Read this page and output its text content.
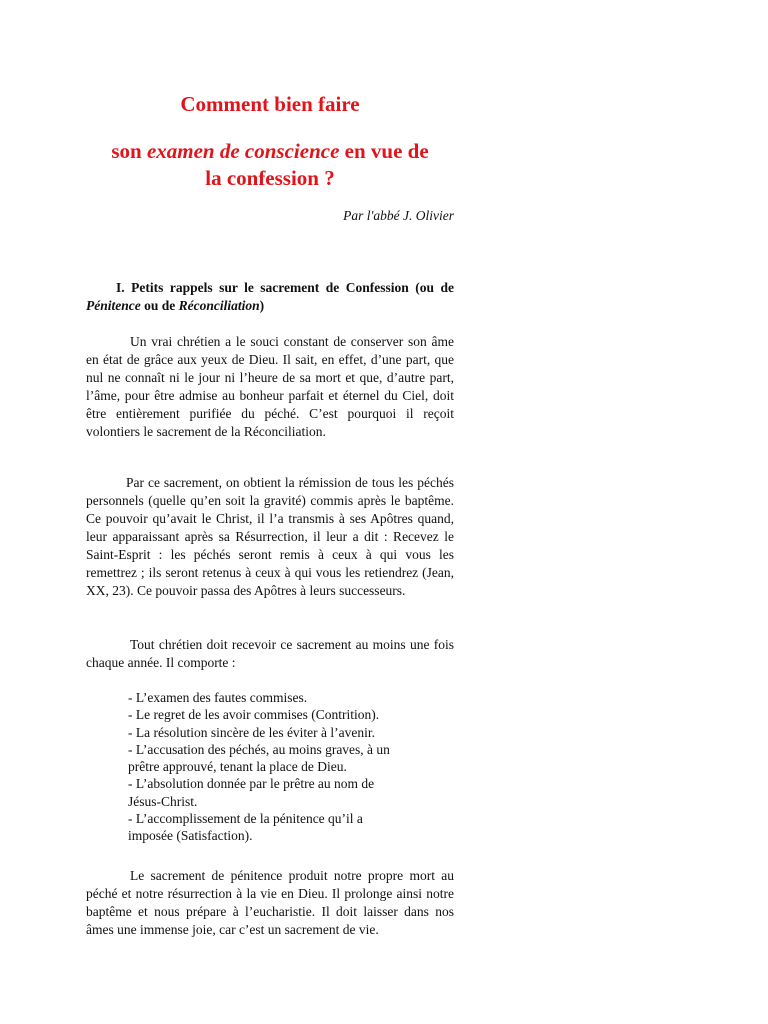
Comment bien faire
son examen de conscience en vue de
la confession ?
Par l'abbé J. Olivier
I. Petits rappels sur le sacrement de Confession (ou de Pénitence ou de Réconciliation)

Un vrai chrétien a le souci constant de conserver son âme en état de grâce aux yeux de Dieu. Il sait, en effet, d’une part, que nul ne connaît ni le jour ni l’heure de sa mort et que, d’autre part, l’âme, pour être admise au bonheur parfait et éternel du Ciel, doit être entièrement purifiée du péché. C’est pourquoi il reçoit volontiers le sacrement de la Réconciliation.

Par ce sacrement, on obtient la rémission de tous les péchés personnels (quelle qu’en soit la gravité) commis après le baptême. Ce pouvoir qu’avait le Christ, il l’a transmis à ses Apôtres quand, leur apparaissant après sa Résurrection, il leur a dit : Recevez le Saint-Esprit : les péchés seront remis à ceux à qui vous les remettrez ; ils seront retenus à ceux à qui vous les retiendrez (Jean, XX, 23). Ce pouvoir passa des Apôtres à leurs successeurs.

Tout chrétien doit recevoir ce sacrement au moins une fois chaque année. Il comporte :

- L’examen des fautes commises.
- Le regret de les avoir commises (Contrition).
- La résolution sincère de les éviter à l’avenir.
- L’accusation des péchés, au moins graves, à un
prêtre approuvé, tenant la place de Dieu.
- L’absolution donnée par le prêtre au nom de
Jésus-Christ.
- L’accomplissement de la pénitence qu’il a
imposée (Satisfaction).

Le sacrement de pénitence produit notre propre mort au péché et notre résurrection à la vie en Dieu. Il prolonge ainsi notre baptême et nous prépare à l’eucharistie. Il doit laisser dans nos âmes une immense joie, car c’est un sacrement de vie.
